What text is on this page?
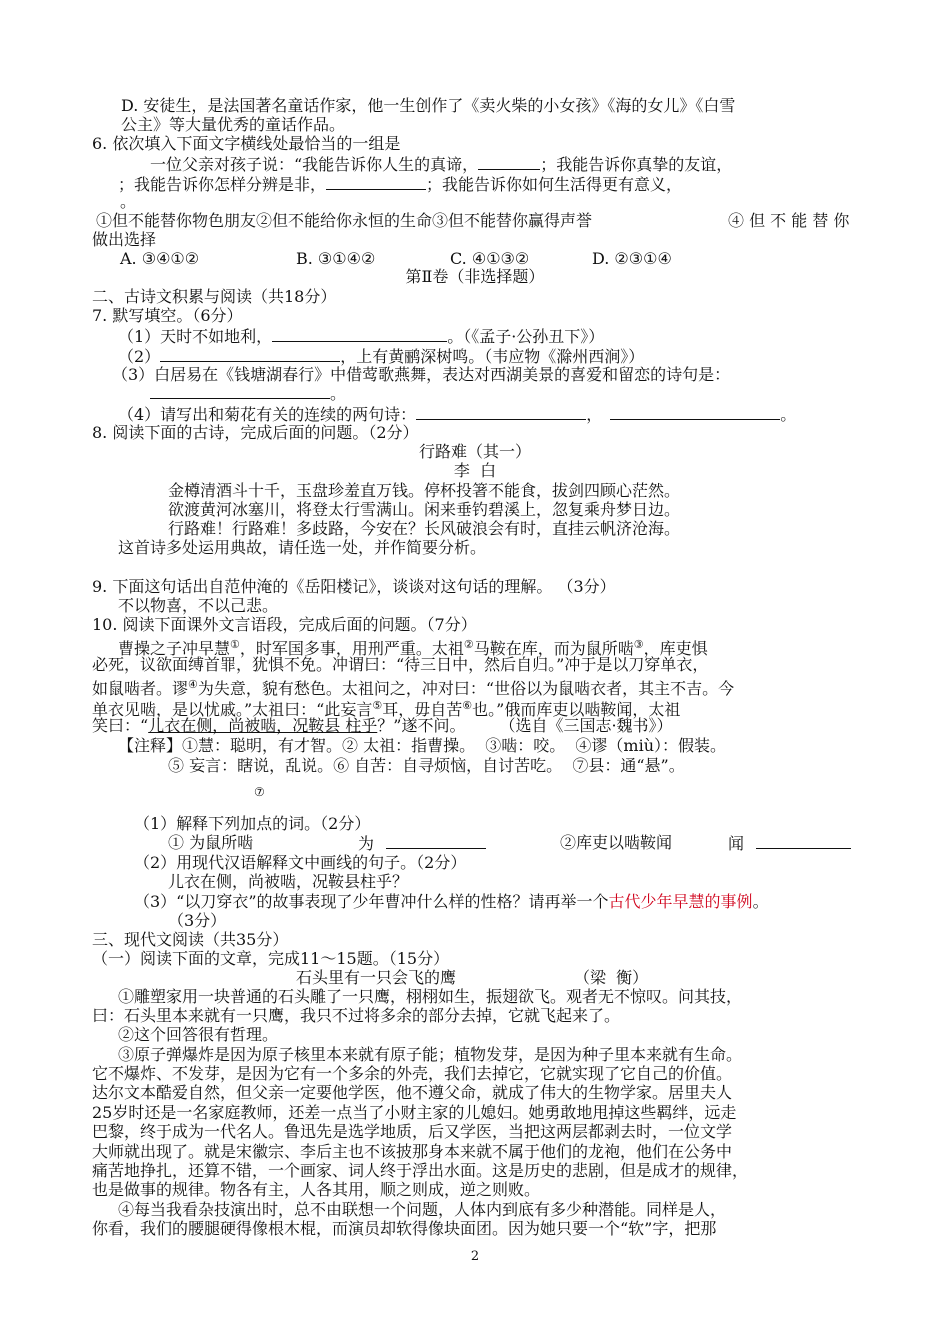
D. 安徒生，是法国著名童话作家，他一生创作了《卖火柴的小女孩》《海的女儿》《白雪
公主》等大量优秀的童话作品。
6. 依次填入下面文字横线处最恰当的一组是
一位父亲对孩子说：“我能告诉你人生的真谛，	；我能告诉你真挚的友谊，
；我能告诉你怎样分辨是非，	；我能告诉你如何生活得更有意义，
。
①但不能替你物色朋友②但不能给你永恒的生命③但不能替你赢得声誉	④ 但 不 能 替 你
做出选择
A. ③④①②	B. ③①④②	C. ④①③②	D. ②③①④
第Ⅱ卷（非选择题）
二、古诗文积累与阅读（共18分）
7. 默写填空。（6分）
（1）天时不如地利，	。（《孟子·公孙丑下》）
（2）	，上有黄鹂深树鸣。（韦应物《滁州西涧》）
（3）白居易在《钱塘湖春行》中借莺歌燕舞，表达对西湖美景的喜爱和留恋的诗句是：
。
（4）请写出和菊花有关的连续的两句诗：	，	。
8. 阅读下面的古诗，完成后面的问题。（2分）
行路难（其一）
李  白
金樽清酒斗十千，玉盘珍羞直万钱。停杯投箸不能食，拔剑四顾心茫然。
欲渡黄河冰塞川，将登太行雪满山。闲来垂钓碧溪上，忽复乘舟梦日边。
行路难！行路难！多歧路，今安在？长风破浪会有时，直挂云帆济沧海。
这首诗多处运用典故，请任选一处，并作简要分析。
9. 下面这句话出自范仲淹的《岳阳楼记》，谈谈对这句话的理解。 （3分）
不以物喜，不以己悲。
10. 阅读下面课外文言语段，完成后面的问题。（7分）
曹操之子冲早慧①，时军国多事，用刑严重。太祖②马鞍在库，而为鼠所啮③，库吏惧
必死，议欲面缚首罪，犹惧不免。冲谓曰：“待三日中，然后自归。”冲于是以刀穿单衣，
如鼠啮者。谬④为失意，貌有愁色。太祖问之，冲对曰：“世俗以为鼠啮衣者，其主不吉。今
单衣见啮，是以忧戚。”太祖曰：“此妄言⑤耳，毋自苦⑥也。”俄而库吏以啮鞍闻，太祖
笑曰：“儿衣在侧，尚被啮，况鞍县 柱乎？”遂不问。	（选自《三国志·魏书》）
【注释】①慧：聪明，有才智。② 太祖：指曹操。  ③啮：咬。  ④谬（miù）：假装。
⑤ 妄言：瞎说，乱说。⑥ 自苦：自寻烦恼，自讨苦吃。  ⑦县：通“悬”。
⑦
（1）解释下列加点的词。（2分）
① 为鼠所啮	为	②库吏以啮鞍闻	闻
（2）用现代汉语解释文中画线的句子。（2分）
儿衣在侧，尚被啮，况鞍县柱乎？
（3）“以刀穿衣”的故事表现了少年曹冲什么样的性格？请再举一个古代少年早慧的事例。
（3分）
三、现代文阅读（共35分）
（一）阅读下面的文章，完成11～15题。（15分）
石头里有一只会飞的鹰	（梁  衡）
①雕塑家用一块普通的石头雕了一只鹰，栩栩如生，振翅欲飞。观者无不惊叹。问其技，
曰：石头里本来就有一只鹰，我只不过将多余的部分去掉，它就飞起来了。
②这个回答很有哲理。
③原子弹爆炸是因为原子核里本来就有原子能；植物发芽，是因为种子里本来就有生命。
它不爆炸、不发芽，是因为它有一个多余的外壳，我们去掉它，它就实现了它自己的价值。
达尔文本酷爱自然，但父亲一定要他学医，他不遵父命，就成了伟大的生物学家。居里夫人
25岁时还是一名家庭教师，还差一点当了小财主家的儿媳妇。她勇敢地甩掉这些羁绊，远走
巴黎，终于成为一代名人。鲁迅先是选学地质，后又学医，当把这两层都剥去时，一位文学
大师就出现了。就是宋徽宗、李后主也不该披那身本来就不属于他们的龙袍，他们在公务中
痛苦地挣扎，还算不错，一个画家、词人终于浮出水面。这是历史的悲剧，但是成才的规律，
也是做事的规律。物各有主，人各其用，顺之则成，逆之则败。
④每当我看杂技演出时，总不由联想一个问题，人体内到底有多少种潜能。同样是人，
你看，我们的腰腿硬得像根木棍，而演员却软得像块面团。因为她只要一个“软”字，把那
2
